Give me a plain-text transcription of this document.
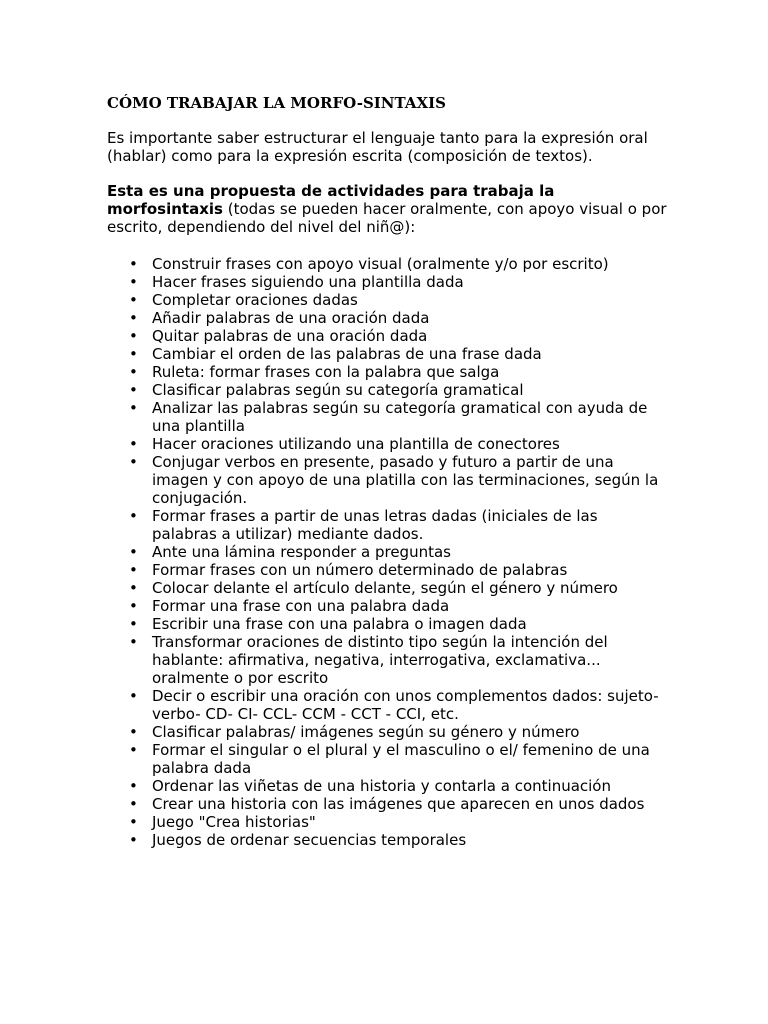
CÓMO TRABAJAR LA MORFO-SINTAXIS

Es importante saber estructurar el lenguaje tanto para la expresión oral (hablar) como para la expresión escrita (composición de textos).

Esta es una propuesta de actividades para trabaja la morfosintaxis (todas se pueden hacer oralmente, con apoyo visual o por escrito, dependiendo del nivel del niñ@):

• Construir frases con apoyo visual (oralmente y/o por escrito)
• Hacer frases siguiendo una plantilla dada
• Completar oraciones dadas
• Añadir palabras de una oración dada
• Quitar palabras de una oración dada
• Cambiar el orden de las palabras de una frase dada
• Ruleta: formar frases con la palabra que salga
• Clasificar palabras según su categoría gramatical
• Analizar las palabras según su categoría gramatical con ayuda de una plantilla
• Hacer oraciones utilizando una plantilla de conectores
• Conjugar verbos en presente, pasado y futuro a partir de una imagen y con apoyo de una platilla con las terminaciones, según la conjugación.
• Formar frases a partir de unas letras dadas (iniciales de las palabras a utilizar) mediante dados.
• Ante una lámina responder a preguntas
• Formar frases con un número determinado de palabras
• Colocar delante el artículo delante, según el género y número
• Formar una frase con una palabra dada
• Escribir una frase con una palabra o imagen dada
• Transformar oraciones de distinto tipo según la intención del hablante: afirmativa, negativa, interrogativa, exclamativa... oralmente o por escrito
• Decir o escribir una oración con unos complementos dados: sujeto-verbo- CD- CI- CCL- CCM - CCT - CCI, etc.
• Clasificar palabras/ imágenes según su género y número
• Formar el singular o el plural y el masculino o el/ femenino de una palabra dada
• Ordenar las viñetas de una historia y contarla a continuación
• Crear una historia con las imágenes que aparecen en unos dados
• Juego "Crea historias"
• Juegos de ordenar secuencias temporales
